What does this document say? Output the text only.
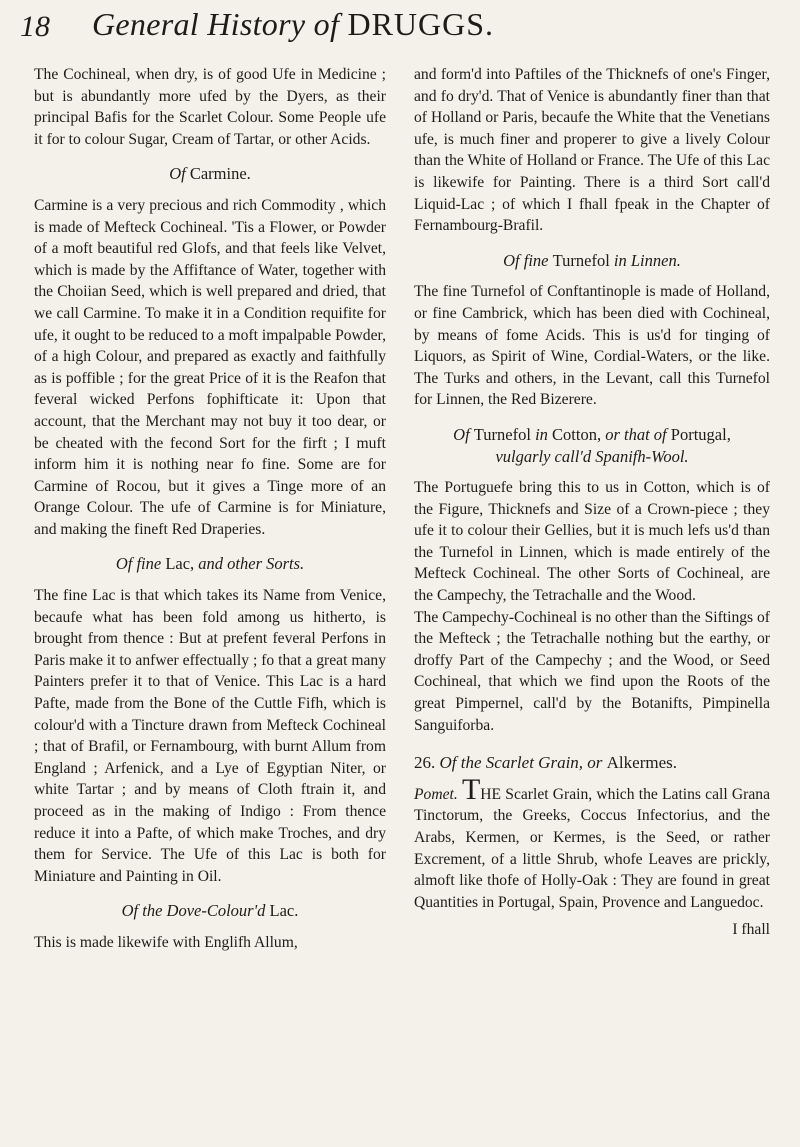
18 General History of DRUGGS.

The Cochineal, when dry, is of good Ufe in Medicine ; but is abundantly more ufed by the Dyers, as their principal Bafis for the Scarlet Colour. Some People ufe it for to colour Sugar, Cream of Tartar, or other Acids.

Of Carmine.

Carmine is a very precious and rich Commodity , which is made of Mefteck Cochineal. 'Tis a Flower, or Powder of a moft beautiful red Glofs, and that feels like Velvet, which is made by the Affiftance of Water, together with the Choiian Seed, which is well prepared and dried, that we call Carmine. To make it in a Condition requifite for ufe, it ought to be reduced to a moft impalpable Powder, of a high Colour, and prepared as exactly and faithfully as is poffible ; for the great Price of it is the Reafon that feveral wicked Perfons fophifticate it: Upon that account, that the Merchant may not buy it too dear, or be cheated with the fecond Sort for the firft ; I muft inform him it is nothing near fo fine. Some are for Carmine of Rocou, but it gives a Tinge more of an Orange Colour. The ufe of Carmine is for Miniature, and making the fineft Red Draperies.

Of fine Lac, and other Sorts.

The fine Lac is that which takes its Name from Venice, becaufe what has been fold among us hitherto, is brought from thence : But at prefent feveral Perfons in Paris make it to anfwer effectually ; fo that a great many Painters prefer it to that of Venice. This Lac is a hard Pafte, made from the Bone of the Cuttle Fifh, which is colour'd with a Tincture drawn from Mefteck Cochineal ; that of Brafil, or Fernambourg, with burnt Allum from England ; Arfenick, and a Lye of Egyptian Niter, or white Tartar ; and by means of Cloth ftrain it, and proceed as in the making of Indigo : From thence reduce it into a Pafte, of which make Troches, and dry them for Service. The Ufe of this Lac is both for Miniature and Painting in Oil.

Of the Dove-Colour'd Lac.

This is made likewife with Englifh Allum,

and form'd into Paftiles of the Thicknefs of one's Finger, and fo dry'd. That of Venice is abundantly finer than that of Holland or Paris, becaufe the White that the Venetians ufe, is much finer and properer to give a lively Colour than the White of Holland or France. The Ufe of this Lac is likewife for Painting. There is a third Sort call'd Liquid-Lac ; of which I fhall fpeak in the Chapter of Fernambourg-Brafil.

Of fine Turnefol in Linnen.

The fine Turnefol of Conftantinople is made of Holland, or fine Cambrick, which has been died with Cochineal, by means of fome Acids. This is us'd for tinging of Liquors, as Spirit of Wine, Cordial-Waters, or the like. The Turks and others, in the Levant, call this Turnefol for Linnen, the Red Bizerere.

Of Turnefol in Cotton, or that of Portugal,
vulgarly call'd Spanifh-Wool.

The Portuguefe bring this to us in Cotton, which is of the Figure, Thicknefs and Size of a Crown-piece ; they ufe it to colour their Gellies, but it is much lefs us'd than the Turnefol in Linnen, which is made entirely of the Mefteck Cochineal. The other Sorts of Cochineal, are the Campechy, the Tetrachalle and the Wood.

The Campechy-Cochineal is no other than the Siftings of the Mefteck ; the Tetrachalle nothing but the earthy, or droffy Part of the Campechy ; and the Wood, or Seed Cochineal, that which we find upon the Roots of the great Pimpernel, call'd by the Botanifts, Pimpinella Sanguiforba.

26. Of the Scarlet Grain, or Alkermes.

Pomet. THE Scarlet Grain, which the Latins call Grana Tinctorum, the Greeks, Coccus Infectorius, and the Arabs, Kermen, or Kermes, is the Seed, or rather Excrement, of a little Shrub, whofe Leaves are prickly, almoft like thofe of Holly-Oak : They are found in great Quantities in Portugal, Spain, Provence and Languedoc.

I fhall
